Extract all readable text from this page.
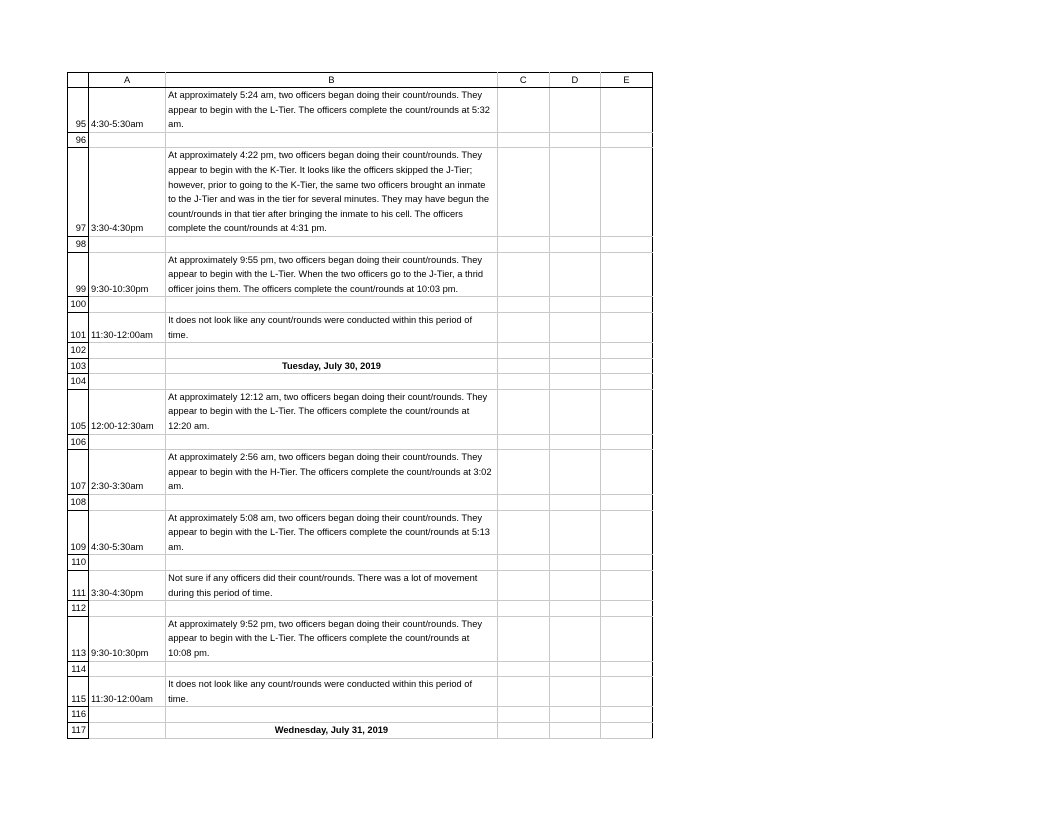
	A	B	C	D	E
95	4:30-5:30am	At approximately 5:24 am, two officers began doing their count/rounds. They appear to begin with the L-Tier. The officers complete the count/rounds at 5:32 am.			
96					
97	3:30-4:30pm	At approximately 4:22 pm, two officers began doing their count/rounds. They appear to begin with the K-Tier. It looks like the officers skipped the J-Tier; however, prior to going to the K-Tier, the same two officers brought an inmate to the J-Tier and was in the tier for several minutes. They may have begun the count/rounds in that tier after bringing the inmate to his cell. The officers complete the count/rounds at 4:31 pm.			
98					
99	9:30-10:30pm	At approximately 9:55 pm, two officers began doing their count/rounds. They appear to begin with the L-Tier. When the two officers go to the J-Tier, a thrid officer joins them. The officers complete the count/rounds at 10:03 pm.			
100					
101	11:30-12:00am	It does not look like any count/rounds were conducted within this period of time.			
102					
103		Tuesday, July 30, 2019			
104					
105	12:00-12:30am	At approximately 12:12 am, two officers began doing their count/rounds. They appear to begin with the L-Tier. The officers complete the count/rounds at 12:20 am.			
106					
107	2:30-3:30am	At approximately 2:56 am, two officers began doing their count/rounds. They appear to begin with the H-Tier. The officers complete the count/rounds at 3:02 am.			
108					
109	4:30-5:30am	At approximately 5:08 am, two officers began doing their count/rounds. They appear to begin with the L-Tier. The officers complete the count/rounds at 5:13 am.			
110					
111	3:30-4:30pm	Not sure if any officers did their count/rounds. There was a lot of movement during this period of time.			
112					
113	9:30-10:30pm	At approximately 9:52 pm, two officers began doing their count/rounds. They appear to begin with the L-Tier. The officers complete the count/rounds at 10:08 pm.			
114					
115	11:30-12:00am	It does not look like any count/rounds were conducted within this period of time.			
116					
117		Wednesday, July 31, 2019			
